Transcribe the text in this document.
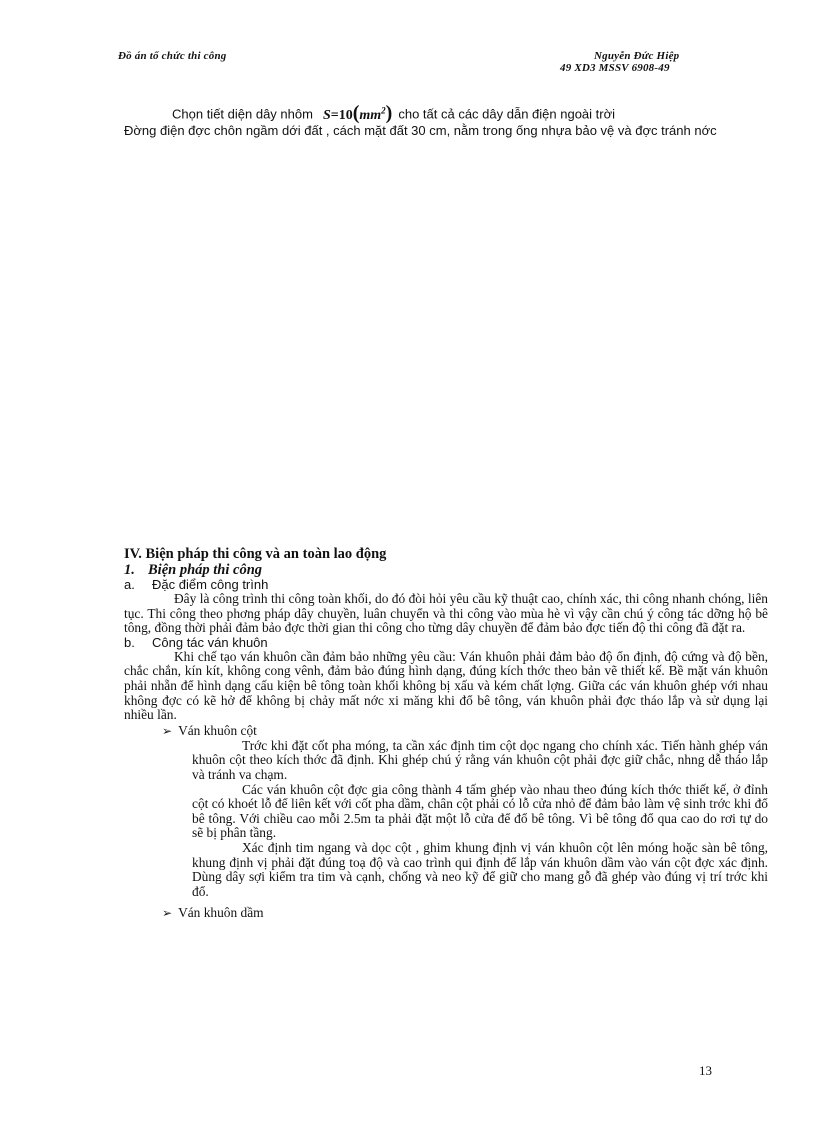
Đồ án tổ chức thi công	Nguyễn Đức Hiệp
49 XD3 MSSV 6908-49
Chọn tiết diện dây nhôm $S=10(mm^2)$ cho tất cả các dây dẫn điện ngoài trời
Đờng điện đợc chôn ngầm dới đất , cách mặt đất 30 cm, nằm trong ống nhựa bảo vệ và đợc tránh nớc
IV. Biện pháp thi công và an toàn lao động
1. Biện pháp thi công
a. Đặc điểm công trình
Đây là công trình thi công toàn khối, do đó đòi hỏi yêu cầu kỹ thuật cao, chính xác, thi công nhanh chóng, liên tục. Thi công theo phơng pháp dây chuyền, luân chuyển và thi công vào mùa hè vì vậy cần chú ý công tác dỡng hộ bê tông, đồng thời phải đảm bảo đợc thời gian thi công cho từng dây chuyền để đảm bảo đợc tiến độ thi công đã đặt ra.
b. Công tác ván khuôn
Khi chế tạo ván khuôn cần đảm bảo những yêu cầu: Ván khuôn phải đảm bảo độ ổn định, độ cứng và độ bền, chắc chắn, kín kít, không cong vênh, đảm bảo đúng hình dạng, đúng kích thớc theo bản vẽ thiết kế. Bề mặt ván khuôn phải nhẵn để hình dạng cấu kiện bê tông toàn khối không bị xấu và kém chất lợng. Giữa các ván khuôn ghép với nhau không đợc có kẽ hở để không bị chảy mất nớc xi măng khi đổ bê tông, ván khuôn phải đợc tháo lắp và sử dụng lại nhiều lần.
➢ Ván khuôn cột
Trớc khi đặt cốt pha móng, ta cần xác định tim cột dọc ngang cho chính xác. Tiến hành ghép ván khuôn cột theo kích thớc đã định. Khi ghép chú ý rằng ván khuôn cột phải đợc giữ chắc, nhng dễ tháo lắp và tránh va chạm.
Các ván khuôn cột đợc gia công thành 4 tấm ghép vào nhau theo đúng kích thớc thiết kế, ở đỉnh cột có khoét lỗ để liên kết với cốt pha dầm, chân cột phải có lỗ cửa nhỏ để đảm bảo làm vệ sinh trớc khi đổ bê tông. Với chiều cao mỗi 2.5m ta phải đặt một lỗ cửa để đổ bê tông. Vì bê tông đổ qua cao do rơi tự do sẽ bị phân tầng.
Xác định tim ngang và dọc cột , ghim khung định vị ván khuôn cột lên móng hoặc sàn bê tông, khung định vị phải đặt đúng toạ độ và cao trình qui định để lắp ván khuôn dầm vào ván cột đợc xác định. Dùng dây sợi kiểm tra tim và cạnh, chống và neo kỹ để giữ cho mang gỗ đã ghép vào đúng vị trí trớc khi đổ.
➢ Ván khuôn dầm
13
